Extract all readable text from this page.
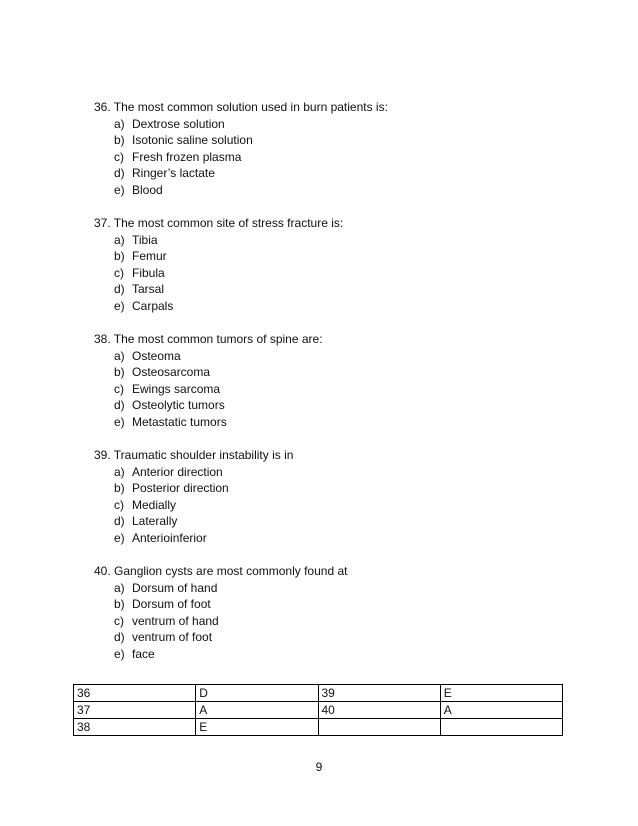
36. The most common solution used in burn patients is:
a) Dextrose solution
b) Isotonic saline solution
c) Fresh frozen plasma
d) Ringer’s lactate
e) Blood
37. The most common site of stress fracture is:
a) Tibia
b) Femur
c) Fibula
d) Tarsal
e) Carpals
38. The most common tumors of spine are:
a) Osteoma
b) Osteosarcoma
c) Ewings sarcoma
d) Osteolytic tumors
e) Metastatic tumors
39. Traumatic shoulder instability is in
a) Anterior direction
b) Posterior direction
c) Medially
d) Laterally
e) Anterioinferior
40. Ganglion cysts are most commonly found at
a) Dorsum of hand
b) Dorsum of foot
c) ventrum of hand
d) ventrum of foot
e) face
36	D	39	E
37	A	40	A
38	E		
9
